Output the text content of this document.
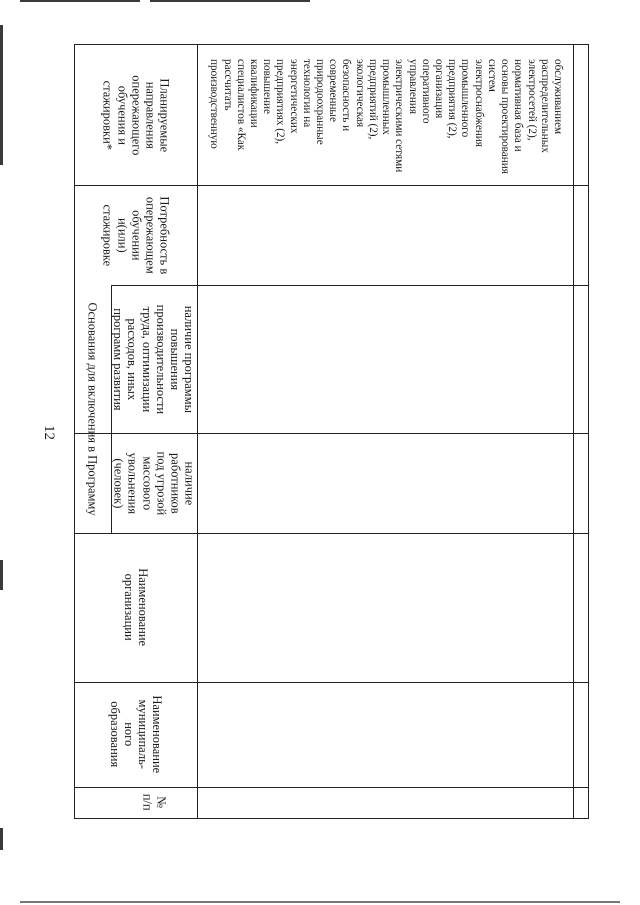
12
№
п/п
Наименование
муниципаль-
ного
образования
Наименование
организации
Основания для включения в Программу	наличие
работников
под угрозой
массового
увольнения
(человек)
наличие программы
повышения
производительности
труда, оптимизации
расходов, иных
программ развития
Потребность в
опережающем
обучении
и(или)
стажировке
Планируемые
направления
опережающего
обучения и
стажировки*	обслуживанием
распределительных
электросетей (2),
нормативная база и
основы проектирования
систем
электроснабжения
промышленного
предприятия (2),
организация
оперативного
управления
электрическими сетями
промышленных
предприятий (2),
экологическая
безопасность и
современные
природоохранные
технологии на
энергетических
предприятиях (2),
повышение
квалификации
специалистов «Как
рассчитать
производственную
